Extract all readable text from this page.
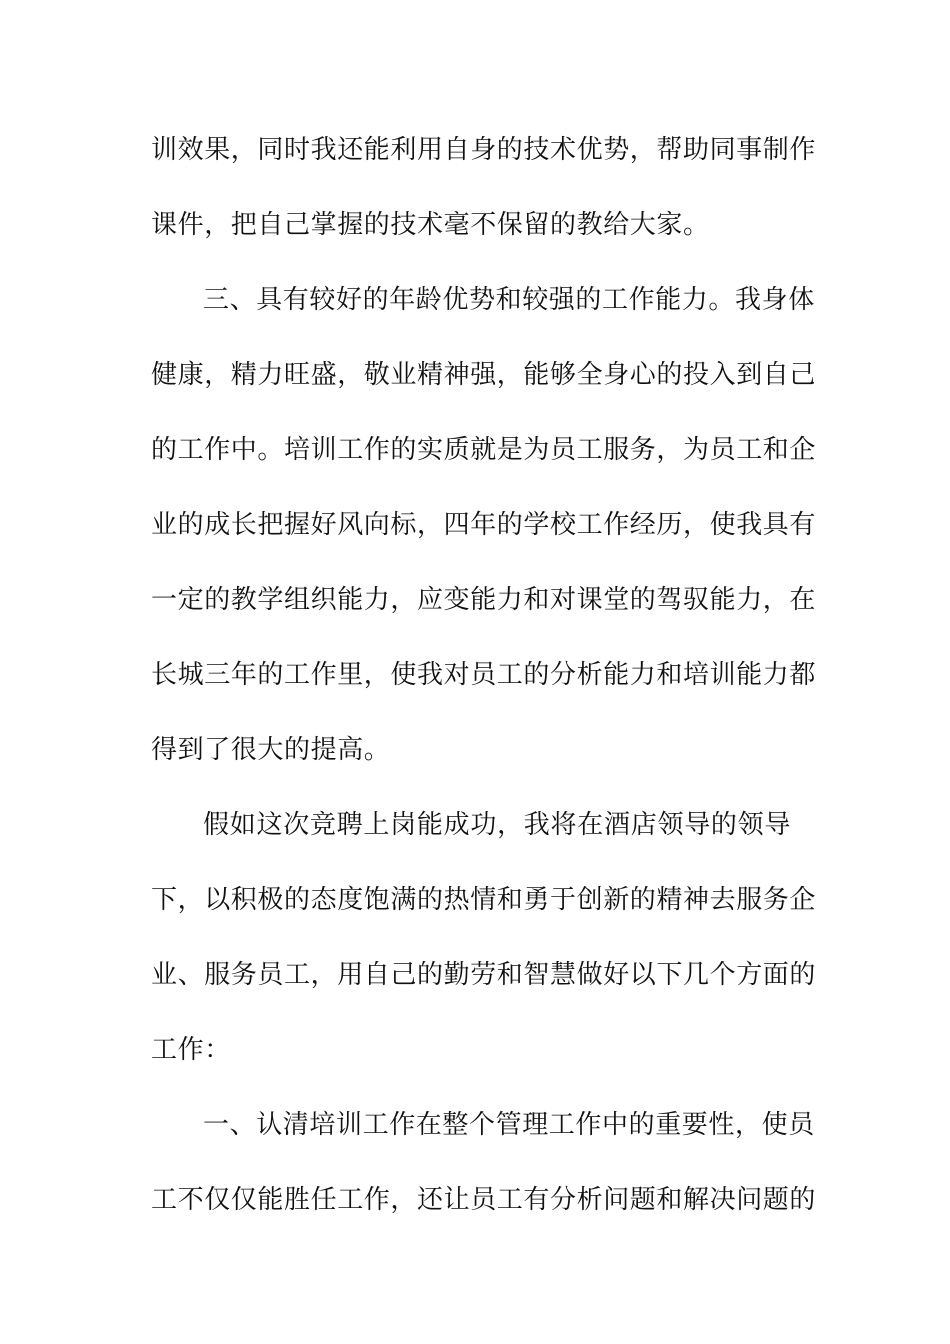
训效果，同时我还能利用自身的技术优势，帮助同事制作
课件，把自己掌握的技术毫不保留的教给大家。
三、具有较好的年龄优势和较强的工作能力。我身体
健康，精力旺盛，敬业精神强，能够全身心的投入到自己
的工作中。培训工作的实质就是为员工服务，为员工和企
业的成长把握好风向标，四年的学校工作经历，使我具有
一定的教学组织能力，应变能力和对课堂的驾驭能力，在
长城三年的工作里，使我对员工的分析能力和培训能力都
得到了很大的提高。
假如这次竞聘上岗能成功，我将在酒店领导的领导
下，以积极的态度饱满的热情和勇于创新的精神去服务企
业、服务员工，用自己的勤劳和智慧做好以下几个方面的
工作：
一、认清培训工作在整个管理工作中的重要性，使员
工不仅仅能胜任工作，还让员工有分析问题和解决问题的
